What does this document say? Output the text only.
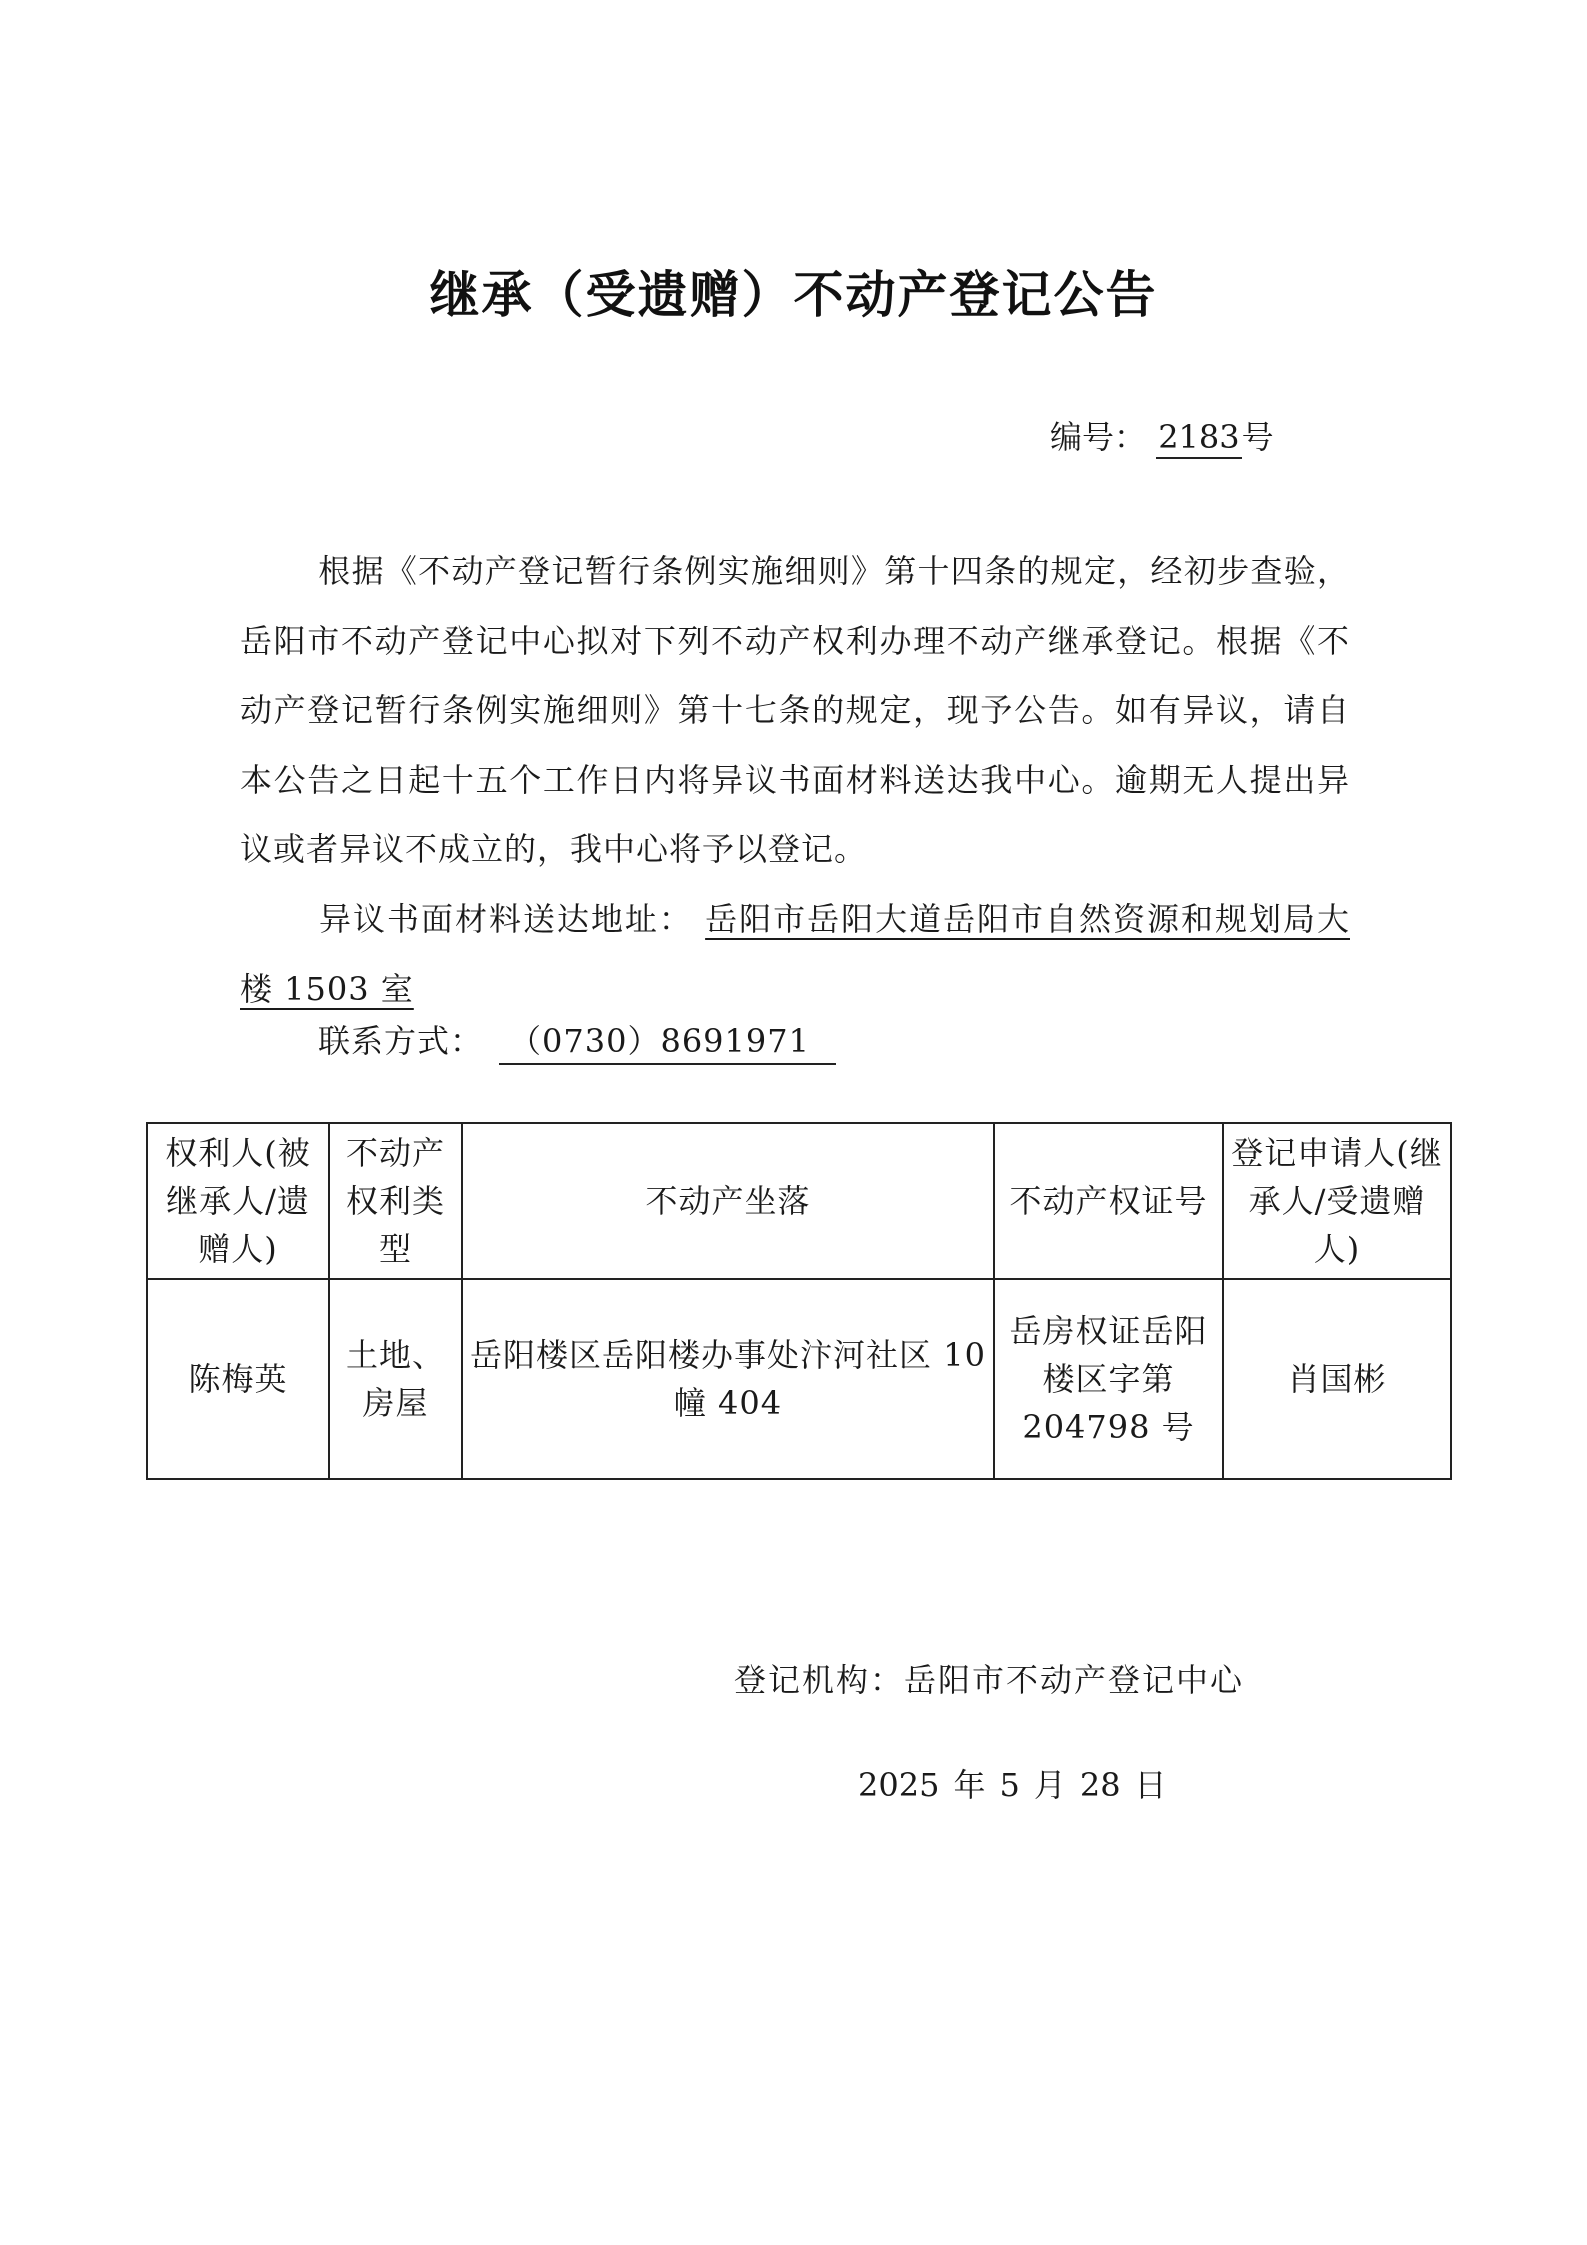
继承（受遗赠）不动产登记公告
编号： 2183号
根据《不动产登记暂行条例实施细则》第十四条的规定，经初步查验，岳阳市不动产登记中心拟对下列不动产权利办理不动产继承登记。根据《不动产登记暂行条例实施细则》第十七条的规定，现予公告。如有异议，请自本公告之日起十五个工作日内将异议书面材料送达我中心。逾期无人提出异议或者异议不成立的，我中心将予以登记。
异议书面材料送达地址： 岳阳市岳阳大道岳阳市自然资源和规划局大楼 1503 室
联系方式： （0730）8691971
权利人(被继承人/遗赠人)	不动产权利类型	不动产坐落	不动产权证号	登记申请人(继承人/受遗赠人)
陈梅英	土地、房屋	岳阳楼区岳阳楼办事处汴河社区 10 幢 404	岳房权证岳阳楼区字第 204798 号	肖国彬
登记机构：岳阳市不动产登记中心
2025 年 5 月 28 日
